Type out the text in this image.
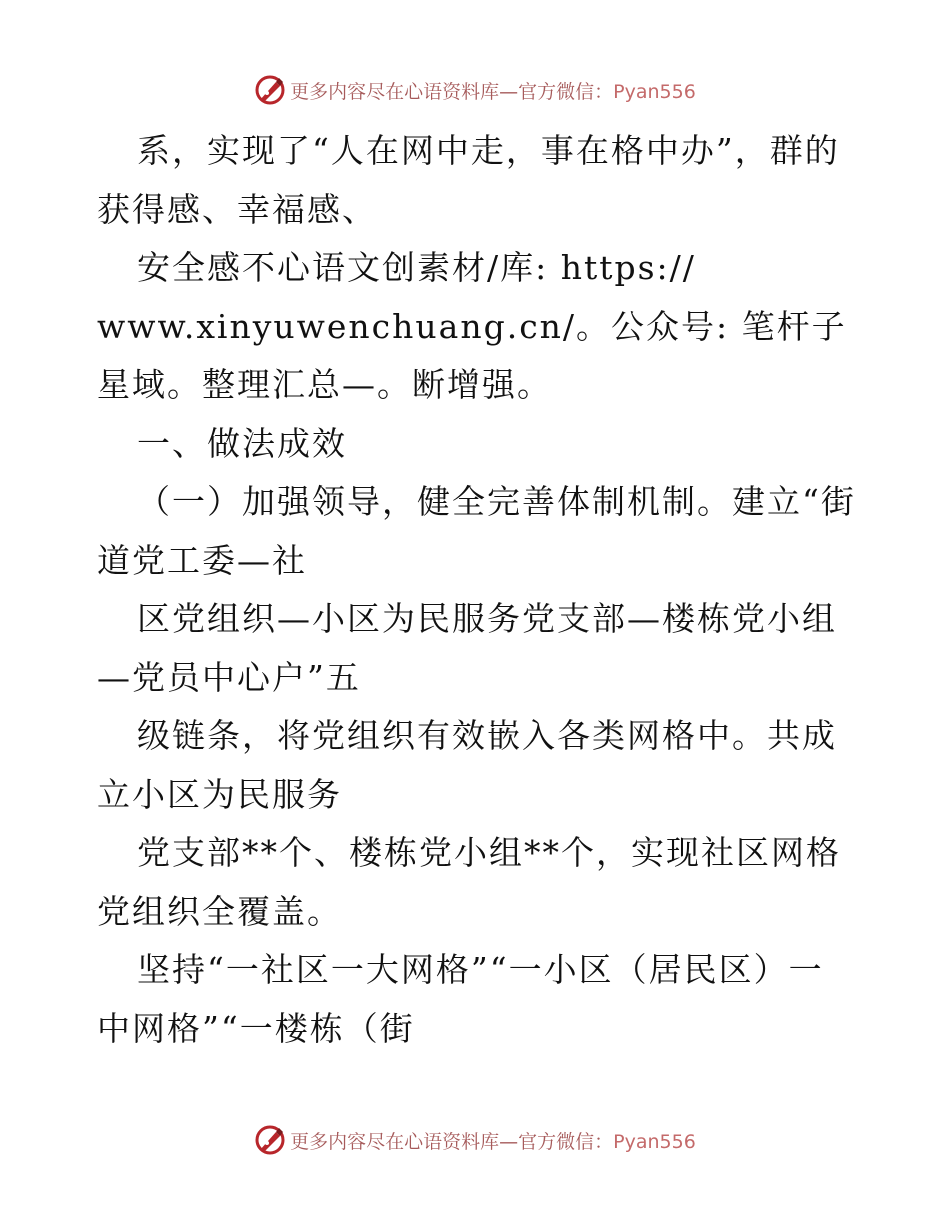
更多内容尽在心语资料库—官方微信：Pyan556

系，实现了“人在网中走，事在格中办”，群的获得感、幸福感、

安全感不心语文创素材/库: https://
www.xinyuwenchuang.cn/。公众号: 笔杆子星域。整理汇总—。断增强。

一、做法成效

（一）加强领导，健全完善体制机制。建立“街道党工委—社

区党组织—小区为民服务党支部—楼栋党小组—党员中心户”五

级链条，将党组织有效嵌入各类网格中。共成立小区为民服务

党支部**个、楼栋党小组**个，实现社区网格党组织全覆盖。

坚持“一社区一大网格”“一小区（居民区）一中网格”“一楼栋（街

更多内容尽在心语资料库—官方微信：Pyan556
